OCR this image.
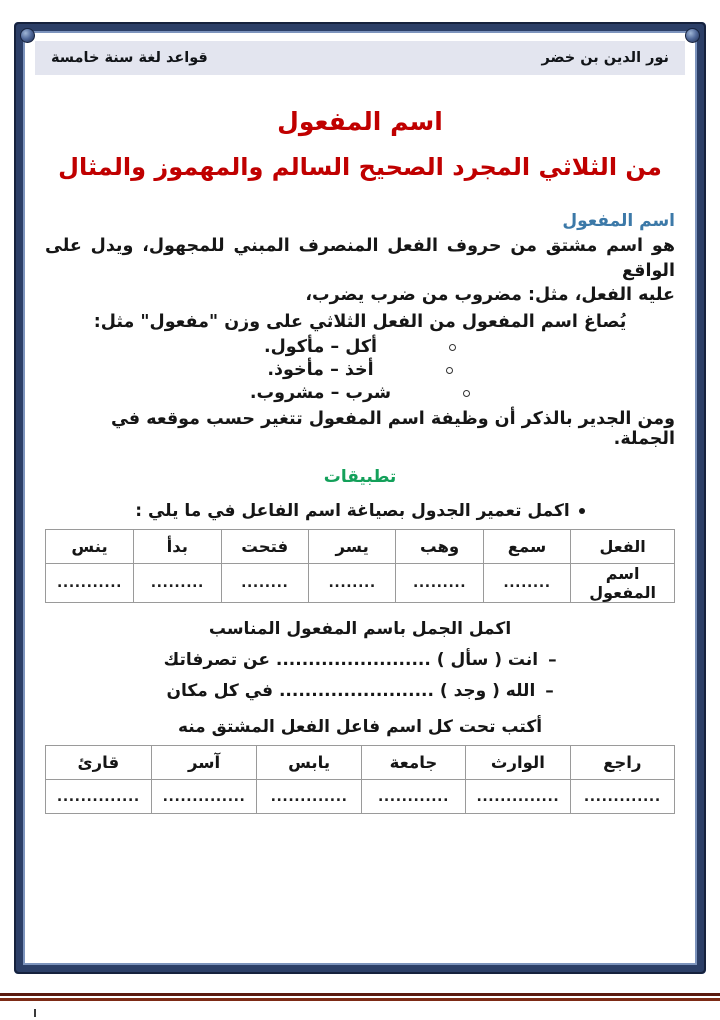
نور الدين بن خضر
قواعد لغة سنة خامسة
اسم المفعول
من الثلاثي المجرد الصحيح السالم والمهموز والمثال
اسم المفعول
هو اسم مشتق من حروف الفعل المنصرف المبني للمجهول، ويدل على الواقع
عليه الفعل، مثل: مضروب من ضرب يضرب،
يُصاغ اسم المفعول من الفعل الثلاثي على وزن "مفعول" مثل:
أكل – مأكول.
أخذ – مأخوذ.
شرب – مشروب.
ومن الجدير بالذكر أن وظيفة اسم المفعول تتغير حسب موقعه في الجملة.
تطبيقات
اكمل تعمير الجدول بصياغة اسم الفاعل في ما يلي :
الفعل	سمع	وهب	يسر	فتحت	بدأ	ينس
اسم المفعول	........	.........	........	........	.........	...........
اكمل الجمل باسم المفعول المناسب
–انت ( سأل ) ........................ عن تصرفاتك
–الله ( وجد ) ........................ في كل مكان
أكتب تحت كل اسم فاعل الفعل المشتق منه
راجع	الوارث	جامعة	يابس	آسر	قارئ
.............	..............	............	.............	..............	..............
